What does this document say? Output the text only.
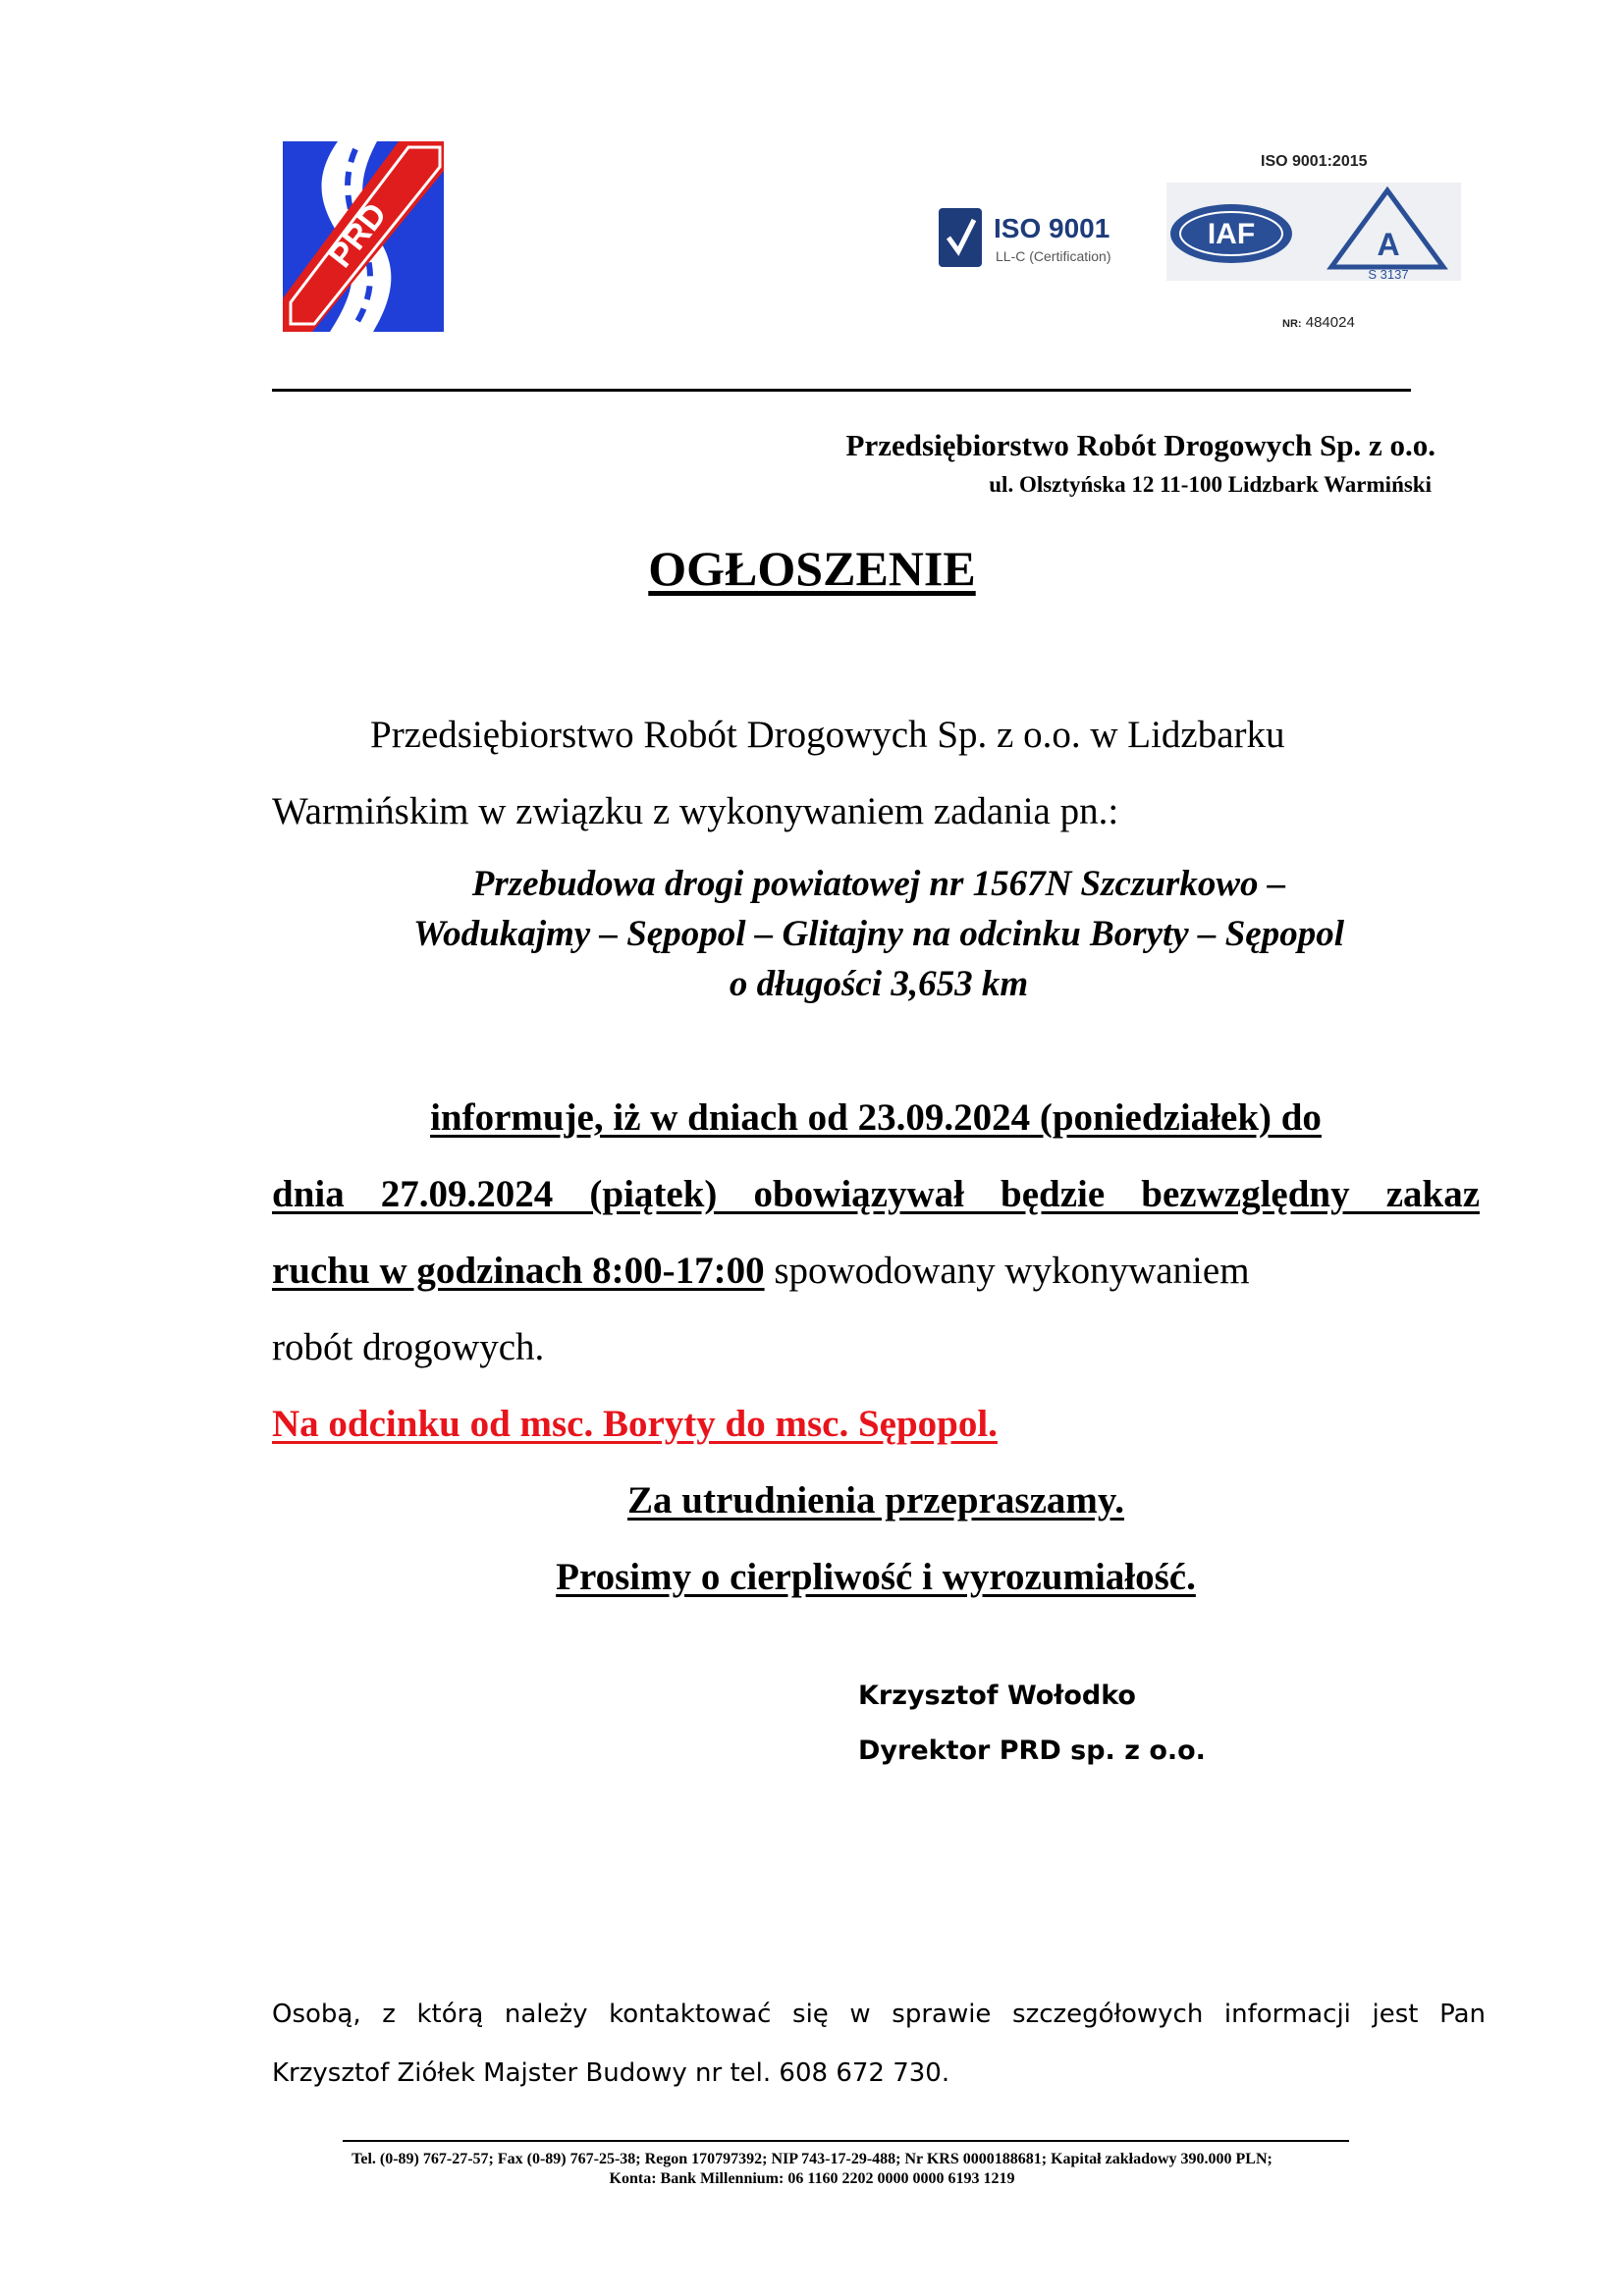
PRD	ISO 9001
LL-C (Certification)
ISO 9001:2015
IAF	A
S 3137
NR: 484024
Przedsiębiorstwo Robót Drogowych Sp. z o.o.
ul. Olsztyńska 12 11-100 Lidzbark Warmiński
OGŁOSZENIE
Przedsiębiorstwo Robót Drogowych Sp. z o.o. w Lidzbarku
Warmińskim w związku z wykonywaniem zadania pn.:
Przebudowa drogi powiatowej nr 1567N Szczurkowo –
Wodukajmy – Sępopol – Glitajny na odcinku Boryty – Sępopol
o długości 3,653 km
informuje, iż w dniach od 23.09.2024 (poniedziałek) do
dnia 27.09.2024 (piątek) obowiązywał będzie bezwzględny zakaz
ruchu w godzinach 8:00-17:00 spowodowany wykonywaniem
robót drogowych.
Na odcinku od msc. Boryty do msc. Sępopol.
Za utrudnienia przepraszamy.
Prosimy o cierpliwość i wyrozumiałość.
Krzysztof Wołodko
Dyrektor PRD sp. z o.o.
Osobą, z którą należy kontaktować się w sprawie szczegółowych informacji jest Pan
Krzysztof Ziółek Majster Budowy nr tel. 608 672 730.
Tel. (0-89) 767-27-57; Fax (0-89) 767-25-38; Regon 170797392; NIP 743-17-29-488; Nr KRS 0000188681; Kapitał zakładowy 390.000 PLN;
Konta: Bank Millennium: 06 1160 2202 0000 0000 6193 1219
